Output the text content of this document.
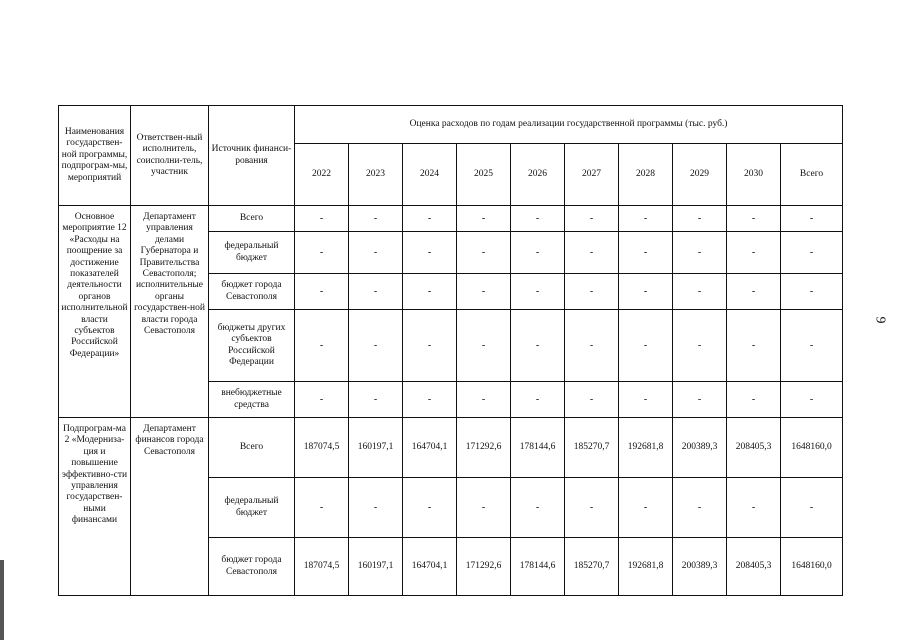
9
Наименования государствен-ной программы, подпрограм-мы, мероприятий	Ответствен-ный исполнитель, соисполни-тель, участник	Источник финанси-рования	Оценка расходов по годам реализации государственной программы (тыс. руб.)									
			2022	2023	2024	2025	2026	2027	2028	2029	2030	Всего
Основное мероприятие 12 «Расходы на поощрение за достижение показателей деятельности органов исполнительной власти субъектов Российской Федерации»	Департамент управления делами Губернатора и Правительства Севастополя; исполнительные органы государствен-ной власти города Севастополя	Всего	-	-	-	-	-	-	-	-	-	-
		федеральный бюджет	-	-	-	-	-	-	-	-	-	-
		бюджет города Севастополя	-	-	-	-	-	-	-	-	-	-
		бюджеты других субъектов Российской Федерации	-	-	-	-	-	-	-	-	-	-
		внебюджетные средства	-	-	-	-	-	-	-	-	-	-
Подпрограм-ма 2 «Модерниза-ция и повышение эффективно-сти управления государствен-ными финансами	Департамент финансов города Севастополя	Всего	187074,5	160197,1	164704,1	171292,6	178144,6	185270,7	192681,8	200389,3	208405,3	1648160,0
		федеральный бюджет	-	-	-	-	-	-	-	-	-	-
		бюджет города Севастополя	187074,5	160197,1	164704,1	171292,6	178144,6	185270,7	192681,8	200389,3	208405,3	1648160,0
